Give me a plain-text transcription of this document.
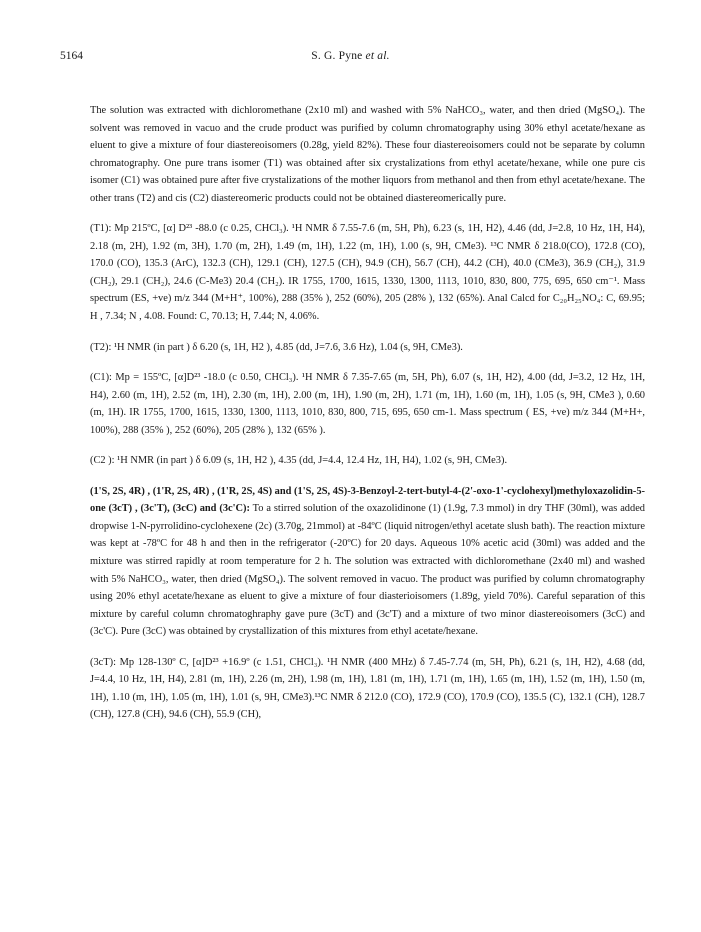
5164	S. G. Pyne et al.

The solution was extracted with dichloromethane (2x10 ml) and washed with 5% NaHCO₃, water, and then dried (MgSO₄). The solvent was removed in vacuo and the crude product was purified by column chromatography using 30% ethyl acetate/hexane as eluent to give a mixture of four diastereoisomers (0.28g, yield 82%). These four diastereoisomers could not be separate by column chromatography. One pure trans isomer (T1) was obtained after six crystalizations from ethyl acetate/hexane, while one pure cis isomer (C1) was obtained pure after five crystalizations of the mother liquors from methanol and then from ethyl acetate/hexane. The other trans (T2) and cis (C2) diastereomeric products could not be obtained diastereomerically pure.

(T1): Mp 215ºC, [α] D²³ -88.0 (c 0.25, CHCl₃). ¹H NMR δ 7.55-7.6 (m, 5H, Ph), 6.23 (s, 1H, H2), 4.46 (dd, J=2.8, 10 Hz, 1H, H4), 2.18 (m, 2H), 1.92 (m, 3H), 1.70 (m, 2H), 1.49 (m, 1H), 1.22 (m, 1H), 1.00 (s, 9H, CMe3). ¹³C NMR δ 218.0(CO), 172.8 (CO), 170.0 (CO), 135.3 (ArC), 132.3 (CH), 129.1 (CH), 127.5 (CH), 94.9 (CH), 56.7 (CH), 44.2 (CH), 40.0 (CMe3), 36.9 (CH₂), 31.9 (CH₂), 29.1 (CH₂), 24.6 (C-Me3) 20.4 (CH₂). IR 1755, 1700, 1615, 1330, 1300, 1113, 1010, 830, 800, 775, 695, 650 cm⁻¹. Mass spectrum (ES, +ve) m/z 344 (M+H⁺, 100%), 288 (35% ), 252 (60%), 205 (28% ), 132 (65%). Anal Calcd for C₂₀H₂₅NO₄: C, 69.95; H , 7.34; N , 4.08. Found: C, 70.13; H, 7.44; N, 4.06%.

(T2): ¹H NMR (in part ) δ 6.20 (s, 1H, H2 ), 4.85 (dd, J=7.6, 3.6 Hz), 1.04 (s, 9H, CMe3).

(C1): Mp = 155ºC, [α]D²³ -18.0 (c 0.50, CHCl₃). ¹H NMR δ 7.35-7.65 (m, 5H, Ph), 6.07 (s, 1H, H2), 4.00 (dd, J=3.2, 12 Hz, 1H, H4), 2.60 (m, 1H), 2.52 (m, 1H), 2.30 (m, 1H), 2.00 (m, 1H), 1.90 (m, 2H), 1.71 (m, 1H), 1.60 (m, 1H), 1.05 (s, 9H, CMe3 ), 0.60 (m, 1H). IR 1755, 1700, 1615, 1330, 1300, 1113, 1010, 830, 800, 715, 695, 650 cm-1. Mass spectrum ( ES, +ve) m/z 344 (M+H+, 100%), 288 (35% ), 252 (60%), 205 (28% ), 132 (65% ).

(C2 ): ¹H NMR (in part ) δ 6.09 (s, 1H, H2 ), 4.35 (dd, J=4.4, 12.4 Hz, 1H, H4), 1.02 (s, 9H, CMe3).

(1'S, 2S, 4R) , (1'R, 2S, 4R) , (1'R, 2S, 4S) and (1'S, 2S, 4S)-3-Benzoyl-2-tert-butyl-4-(2'-oxo-1'-cyclohexyl)methyloxazolidin-5-one (3cT) , (3c'T), (3cC) and (3c'C): To a stirred solution of the oxazolidinone (1) (1.9g, 7.3 mmol) in dry THF (30ml), was added dropwise 1-N-pyrrolidino-cyclohexene (2c) (3.70g, 21mmol) at -84ºC (liquid nitrogen/ethyl acetate slush bath). The reaction mixture was kept at -78ºC for 48 h and then in the refrigerator (-20ºC) for 20 days. Aqueous 10% acetic acid (30ml) was added and the mixture was stirred rapidly at room temperature for 2 h. The solution was extracted with dichloromethane (2x40 ml) and washed with 5% NaHCO₃, water, then dried (MgSO₄). The solvent removed in vacuo. The product was purified by column chromatography using 20% ethyl acetate/hexane as eluent to give a mixture of four diasterioisomers (1.89g, yield 70%). Careful separation of this mixture by careful column chromatoghraphy gave pure (3cT) and (3c'T) and a mixture of two minor diastereoisomers (3cC) and (3c'C). Pure (3cC) was obtained by crystallization of this mixtures from ethyl acetate/hexane.

(3cT): Mp 128-130º C, [α]D²³ +16.9º (c 1.51, CHCl₃). ¹H NMR (400 MHz) δ 7.45-7.74 (m, 5H, Ph), 6.21 (s, 1H, H2), 4.68 (dd, J=4.4, 10 Hz, 1H, H4), 2.81 (m, 1H), 2.26 (m, 2H), 1.98 (m, 1H), 1.81 (m, 1H), 1.71 (m, 1H), 1.65 (m, 1H), 1.52 (m, 1H), 1.50 (m, 1H), 1.10 (m, 1H), 1.05 (m, 1H), 1.01 (s, 9H, CMe3).¹³C NMR δ 212.0 (CO), 172.9 (CO), 170.9 (CO), 135.5 (C), 132.1 (CH), 128.7 (CH), 127.8 (CH), 94.6 (CH), 55.9 (CH),
